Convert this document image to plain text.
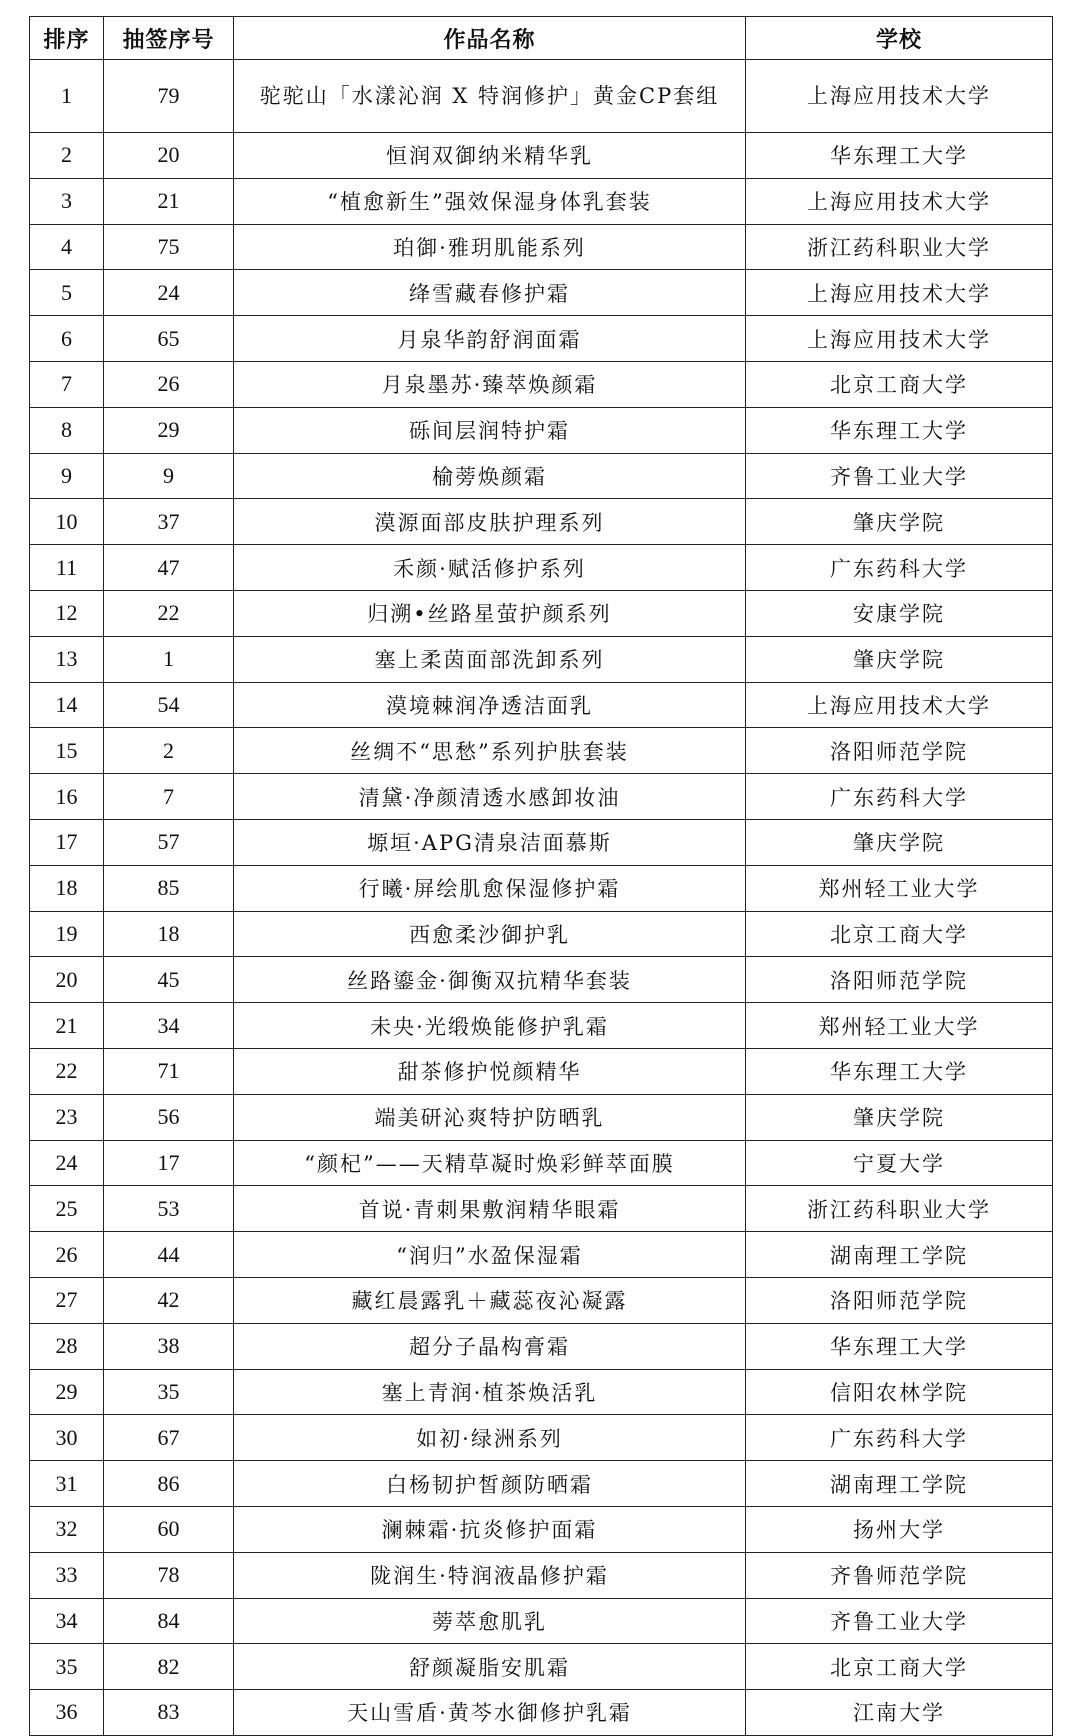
排序	抽签序号	作品名称	学校
1	79	驼驼山「水漾沁润 X 特润修护」黄金CP套组	上海应用技术大学
2	20	恒润双御纳米精华乳	华东理工大学
3	21	“植愈新生”强效保湿身体乳套装	上海应用技术大学
4	75	珀御·雅玥肌能系列	浙江药科职业大学
5	24	绛雪藏春修护霜	上海应用技术大学
6	65	月泉华韵舒润面霜	上海应用技术大学
7	26	月泉墨苏·臻萃焕颜霜	北京工商大学
8	29	砾间层润特护霜	华东理工大学
9	9	榆蒡焕颜霜	齐鲁工业大学
10	37	漠源面部皮肤护理系列	肇庆学院
11	47	禾颜·赋活修护系列	广东药科大学
12	22	归溯•丝路星萤护颜系列	安康学院
13	1	塞上柔茵面部洗卸系列	肇庆学院
14	54	漠境棘润净透洁面乳	上海应用技术大学
15	2	丝绸不“思愁”系列护肤套装	洛阳师范学院
16	7	清黛·净颜清透水感卸妆油	广东药科大学
17	57	塬垣·APG清泉洁面慕斯	肇庆学院
18	85	行曦·屏绘肌愈保湿修护霜	郑州轻工业大学
19	18	西愈柔沙御护乳	北京工商大学
20	45	丝路鎏金·御衡双抗精华套装	洛阳师范学院
21	34	未央·光缎焕能修护乳霜	郑州轻工业大学
22	71	甜茶修护悦颜精华	华东理工大学
23	56	端美研沁爽特护防晒乳	肇庆学院
24	17	“颜杞”——天精草凝时焕彩鲜萃面膜	宁夏大学
25	53	首说·青刺果敷润精华眼霜	浙江药科职业大学
26	44	“润归”水盈保湿霜	湖南理工学院
27	42	藏红晨露乳＋藏蕊夜沁凝露	洛阳师范学院
28	38	超分子晶构膏霜	华东理工大学
29	35	塞上青润·植茶焕活乳	信阳农林学院
30	67	如初·绿洲系列	广东药科大学
31	86	白杨韧护皙颜防晒霜	湖南理工学院
32	60	澜棘霜·抗炎修护面霜	扬州大学
33	78	陇润生·特润液晶修护霜	齐鲁师范学院
34	84	蒡萃愈肌乳	齐鲁工业大学
35	82	舒颜凝脂安肌霜	北京工商大学
36	83	天山雪盾·黄芩水御修护乳霜	江南大学
